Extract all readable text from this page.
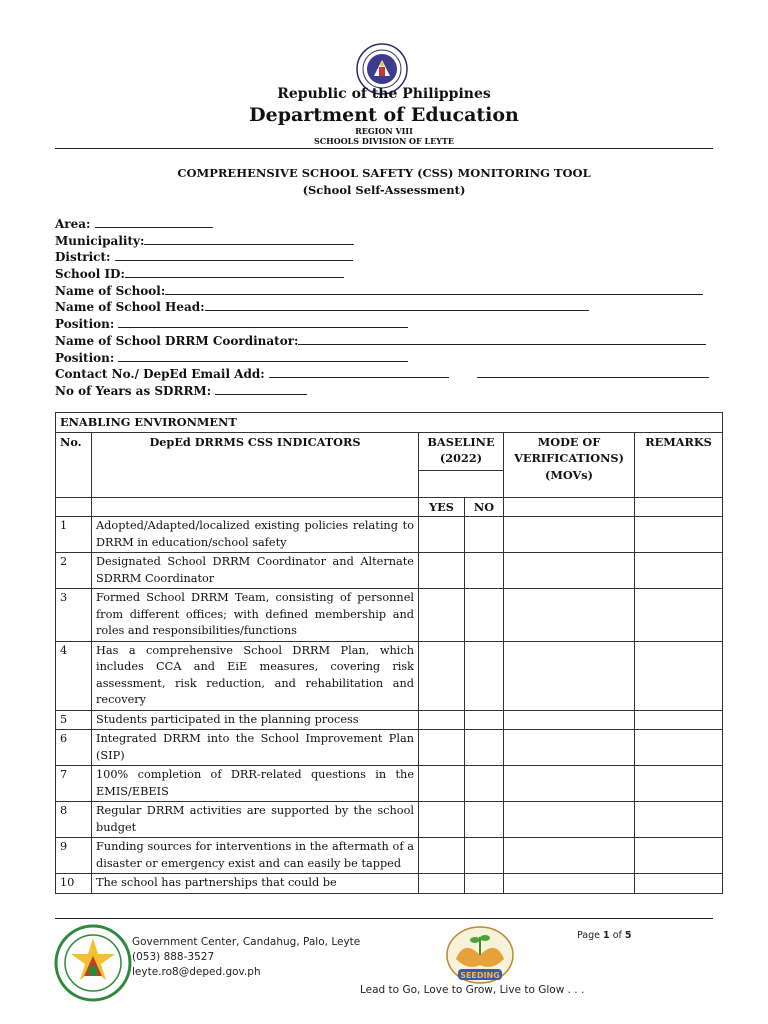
Republic of the Philippines
Department of Education
REGION VIII
SCHOOLS DIVISION OF LEYTE
COMPREHENSIVE SCHOOL SAFETY (CSS) MONITORING TOOL
(School Self-Assessment)
Area:
Municipality:
District:
School ID:
Name of School:
Name of School Head:
Position:
Name of School DRRM Coordinator:
Position:
Contact No./ DepEd Email Add:
No of Years as SDRRM:
ENABLING ENVIRONMENT					
No.	DepEd DRRMS CSS INDICATORS	BASELINE (2022)		MODE OF VERIFICATIONS) (MOVs)	REMARKS

		YES	NO		
1	Adopted/Adapted/localized existing policies relating to DRRM in education/school safety				
2	Designated School DRRM Coordinator and Alternate SDRRM Coordinator				
3	Formed School DRRM Team, consisting of personnel from different offices; with defined membership and roles and responsibilities/functions				
4	Has a comprehensive School DRRM Plan, which includes CCA and EiE measures, covering risk assessment, risk reduction, and rehabilitation and recovery				
5	Students participated in the planning process				
6	Integrated DRRM into the School Improvement Plan (SIP)				
7	100% completion of DRR-related questions in the EMIS/EBEIS				
8	Regular DRRM activities are supported by the school budget				
9	Funding sources for interventions in the aftermath of a disaster or emergency exist and can easily be tapped				
10	The school has partnerships that could be				
Government Center, Candahug, Palo, Leyte
(053) 888-3527
leyte.ro8@deped.gov.ph	SEEDING
Page 1 of 5
Lead to Go, Love to Grow, Live to Glow . . .
